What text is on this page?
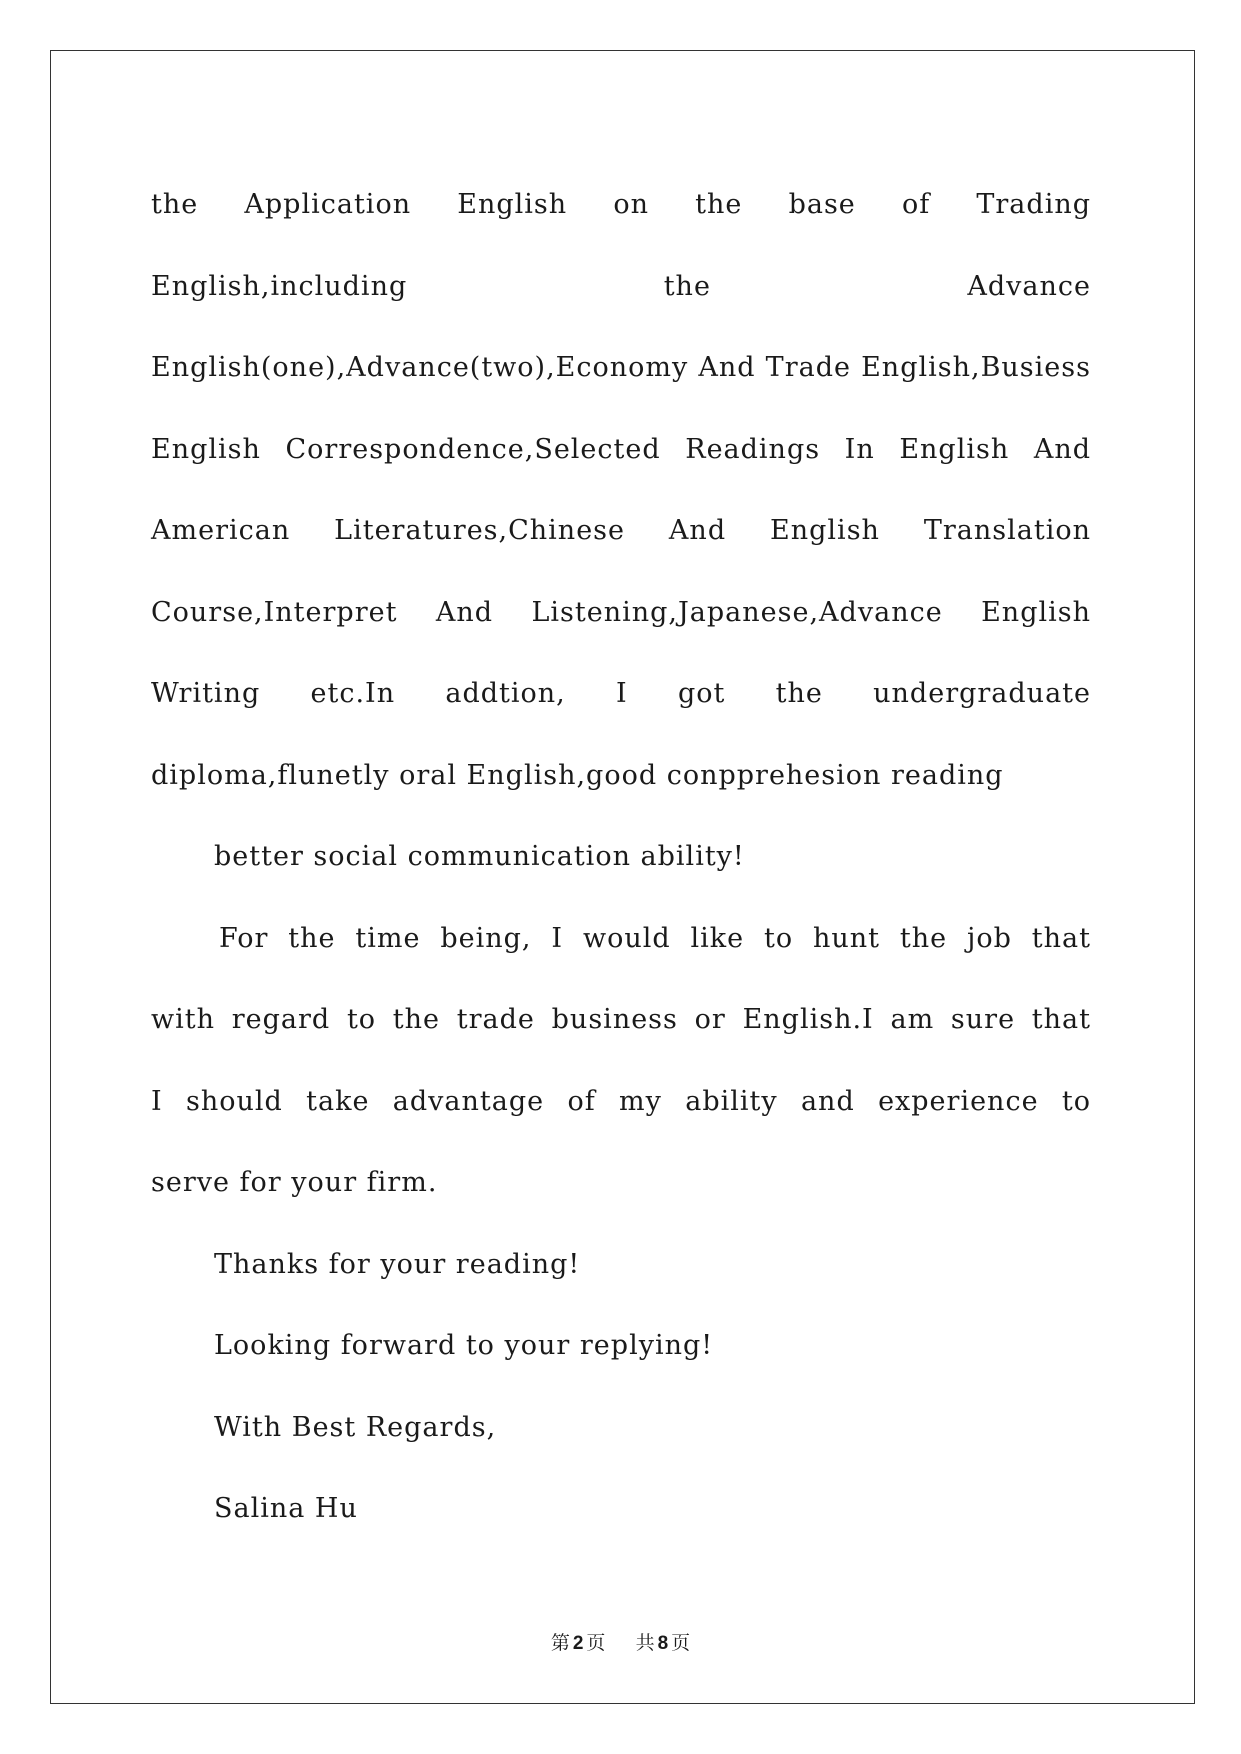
the Application English on the base of Trading
English,including the Advance
English(one),Advance(two),Economy And Trade English,Busiess
English Correspondence,Selected Readings In English And
American Literatures,Chinese And English Translation
Course,Interpret And Listening,Japanese,Advance English
Writing etc.In addtion, I got the undergraduate
diploma,flunetly oral English,good conpprehesion reading
better social communication ability!
For the time being, I would like to hunt the job that
with regard to the trade business or English.I am sure that
I should take advantage of my ability and experience to
serve for your firm.
Thanks for your reading!
Looking forward to your replying!
With Best Regards,
Salina Hu
第 2 页 共 8 页
